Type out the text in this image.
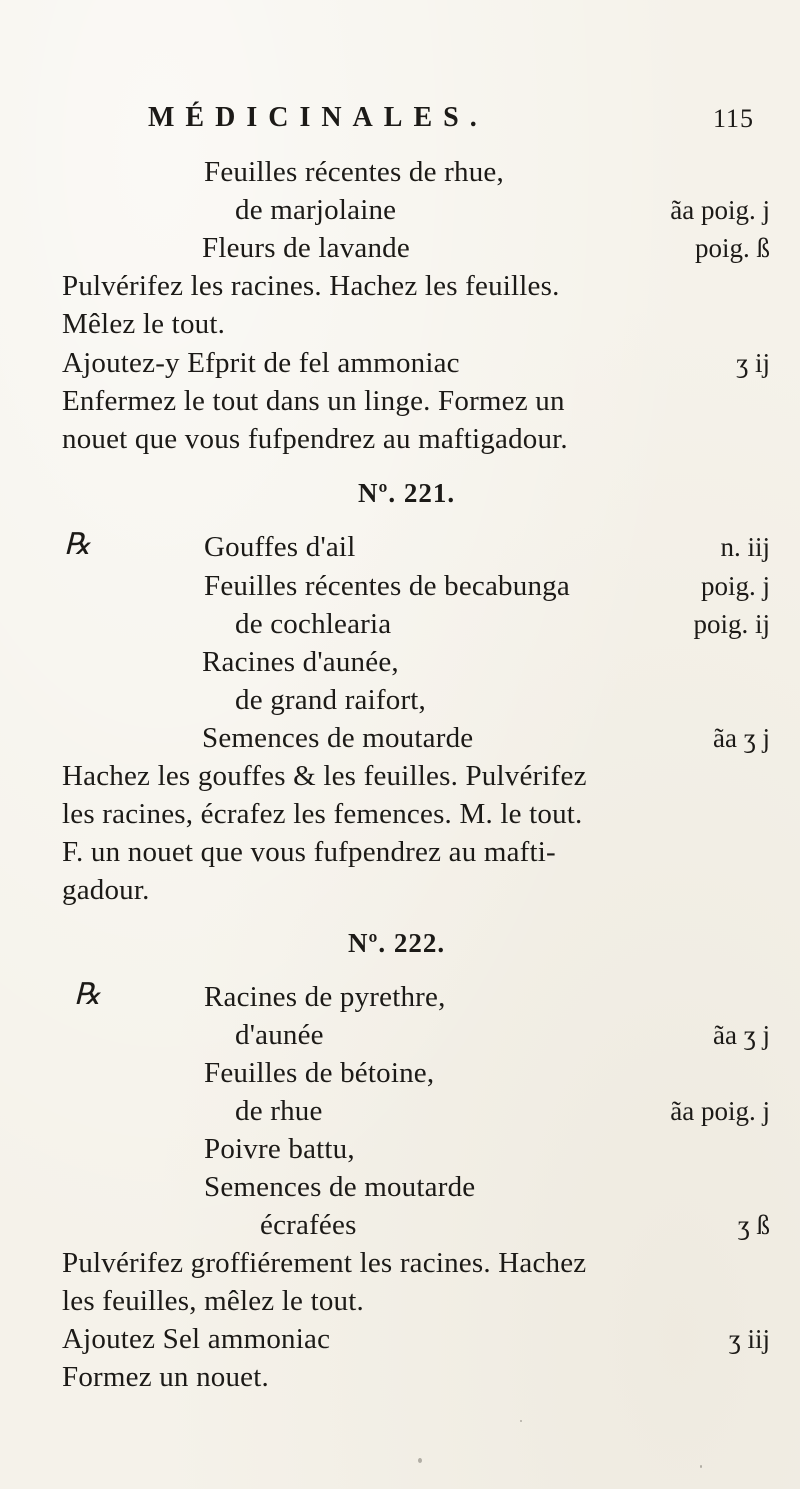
MÉDICINALES.	115
Feuilles récentes de rhue,
de marjolaine	ãa poig. j
Fleurs de lavande	poig. ß
Pulvérifez les racines. Hachez les feuilles.
Mêlez le tout.
Ajoutez-y Efprit de fel ammoniac	ʒ ij
Enfermez le tout dans un linge. Formez un
nouet que vous fufpendrez au maftigadour.
Nº. 221.
℞	Gouffes d'ail	n. iij
Feuilles récentes de becabunga	poig. j
de cochlearia	poig. ij
Racines d'aunée,
de grand raifort,
Semences de moutarde	ãa ʒ j
Hachez les gouffes & les feuilles. Pulvérifez
les racines, écrafez les femences. M. le tout.
F. un nouet que vous fufpendrez au mafti-
gadour.
Nº. 222.
℞	Racines de pyrethre,
d'aunée	ãa ʒ j
Feuilles de bétoine,
de rhue	ãa poig. j
Poivre battu,
Semences de moutarde
écrafées	ʒ ß
Pulvérifez groffiérement les racines. Hachez
les feuilles, mêlez le tout.
Ajoutez Sel ammoniac	ʒ iij
Formez un nouet.
